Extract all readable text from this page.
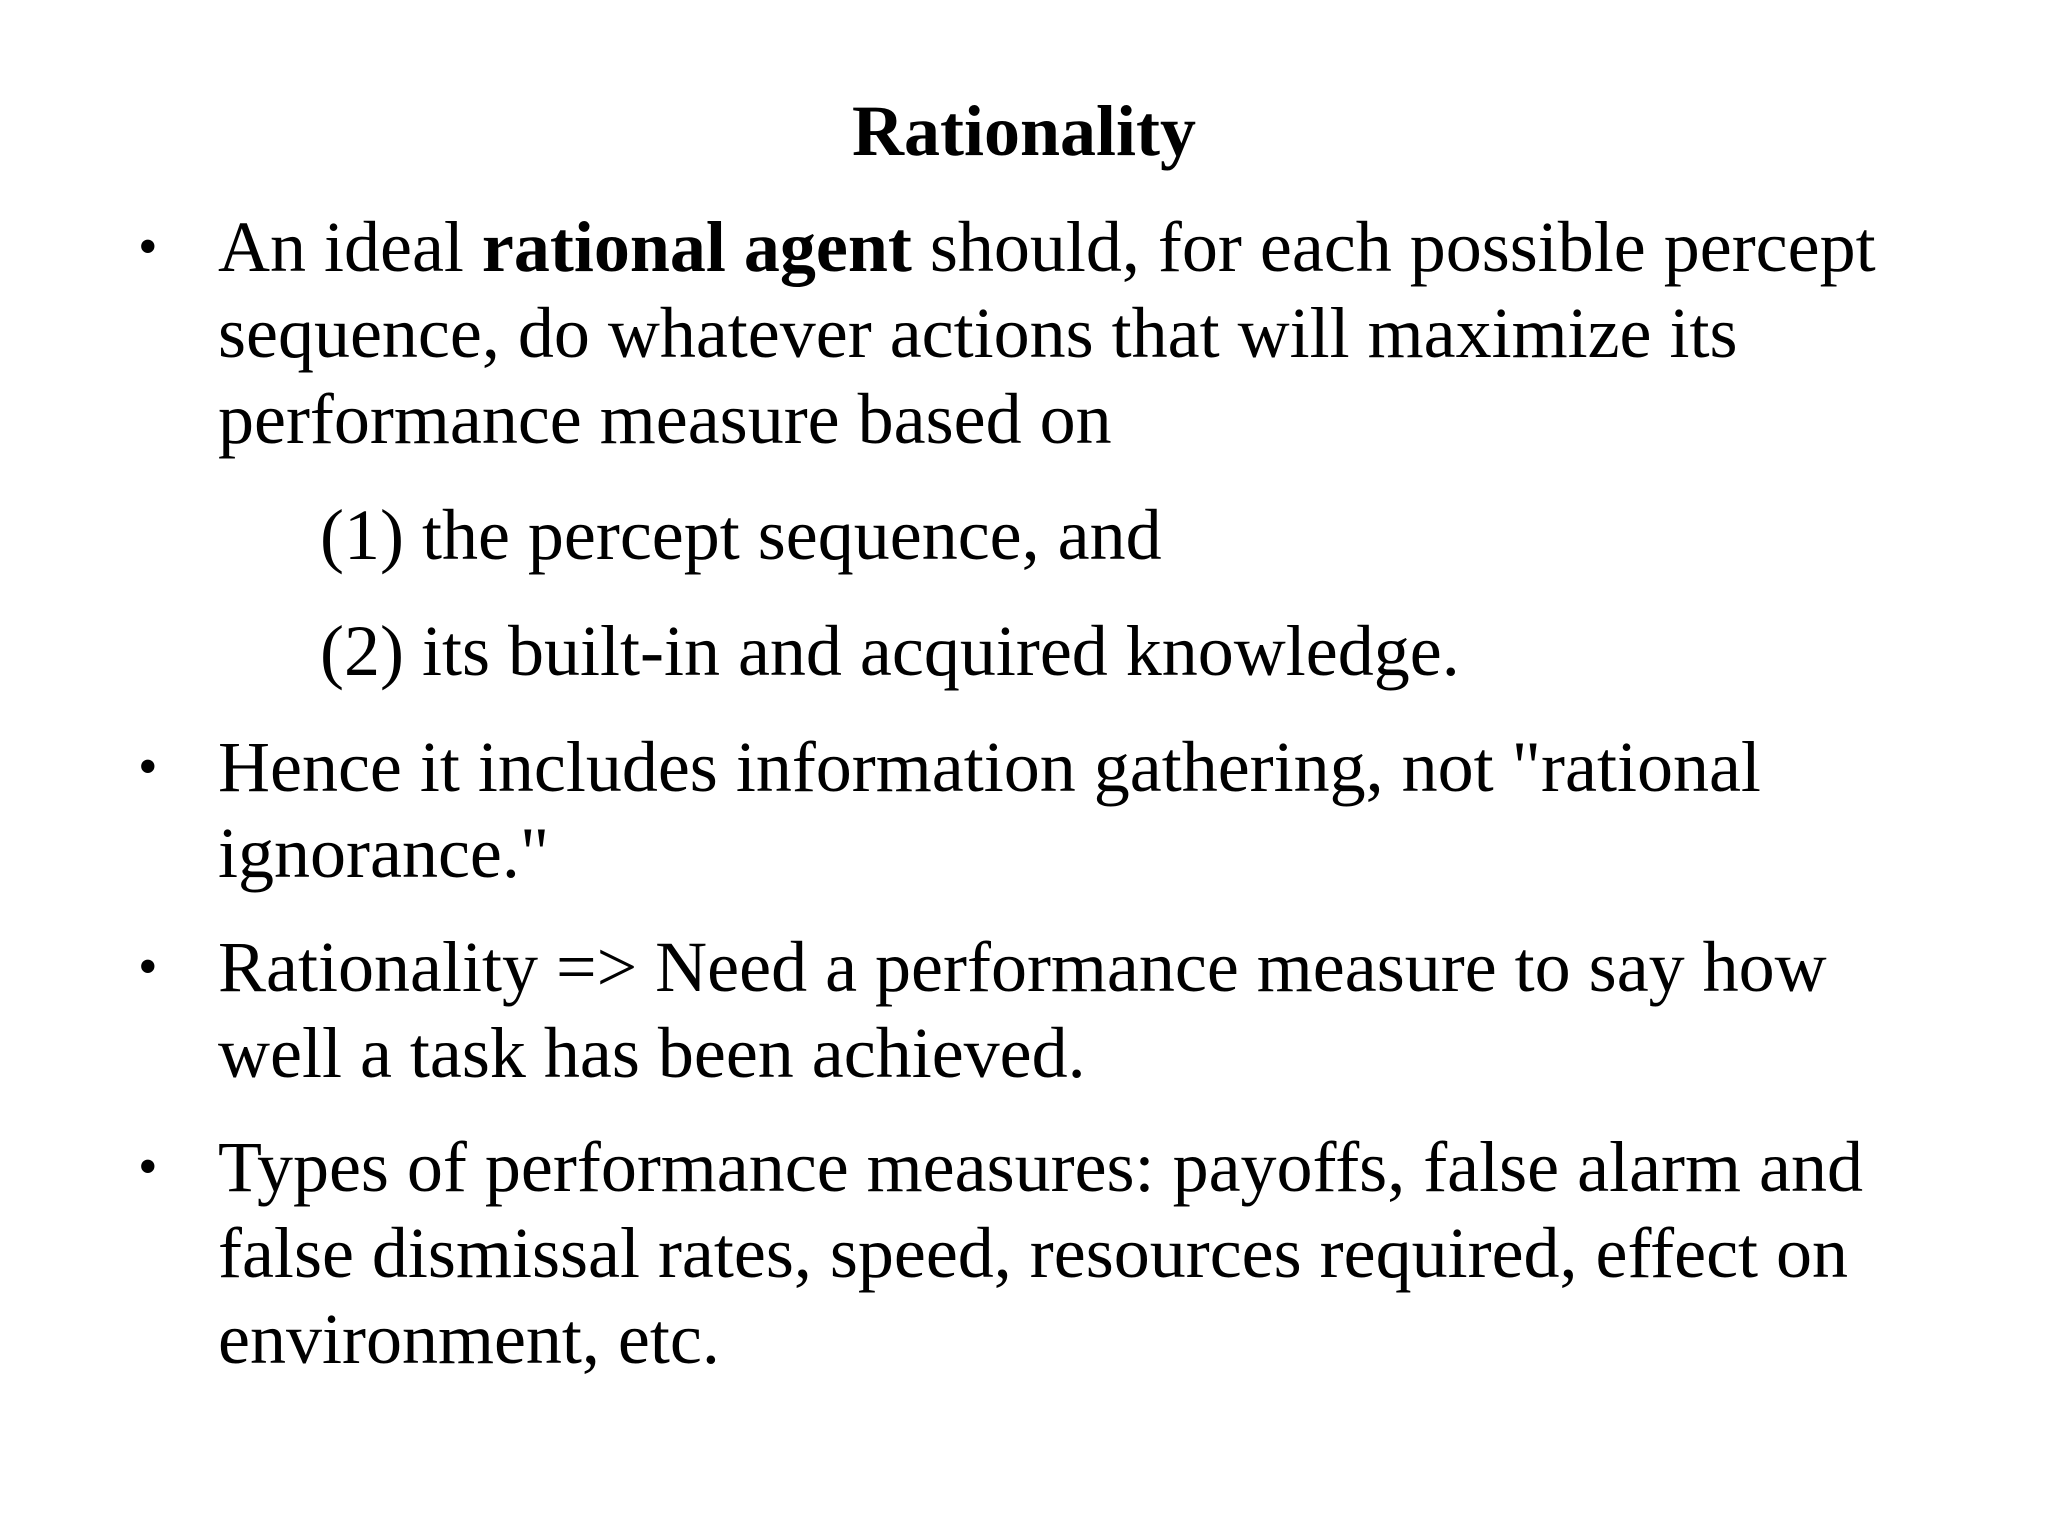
Rationality
• An ideal rational agent should, for each possible percept
sequence, do whatever actions that will maximize its
performance measure based on
(1) the percept sequence, and
(2) its built-in and acquired knowledge.
• Hence it includes information gathering, not "rational
ignorance."
• Rationality => Need a performance measure to say how
well a task has been achieved.
• Types of performance measures: payoffs, false alarm and
false dismissal rates, speed, resources required, effect on
environment, etc.
